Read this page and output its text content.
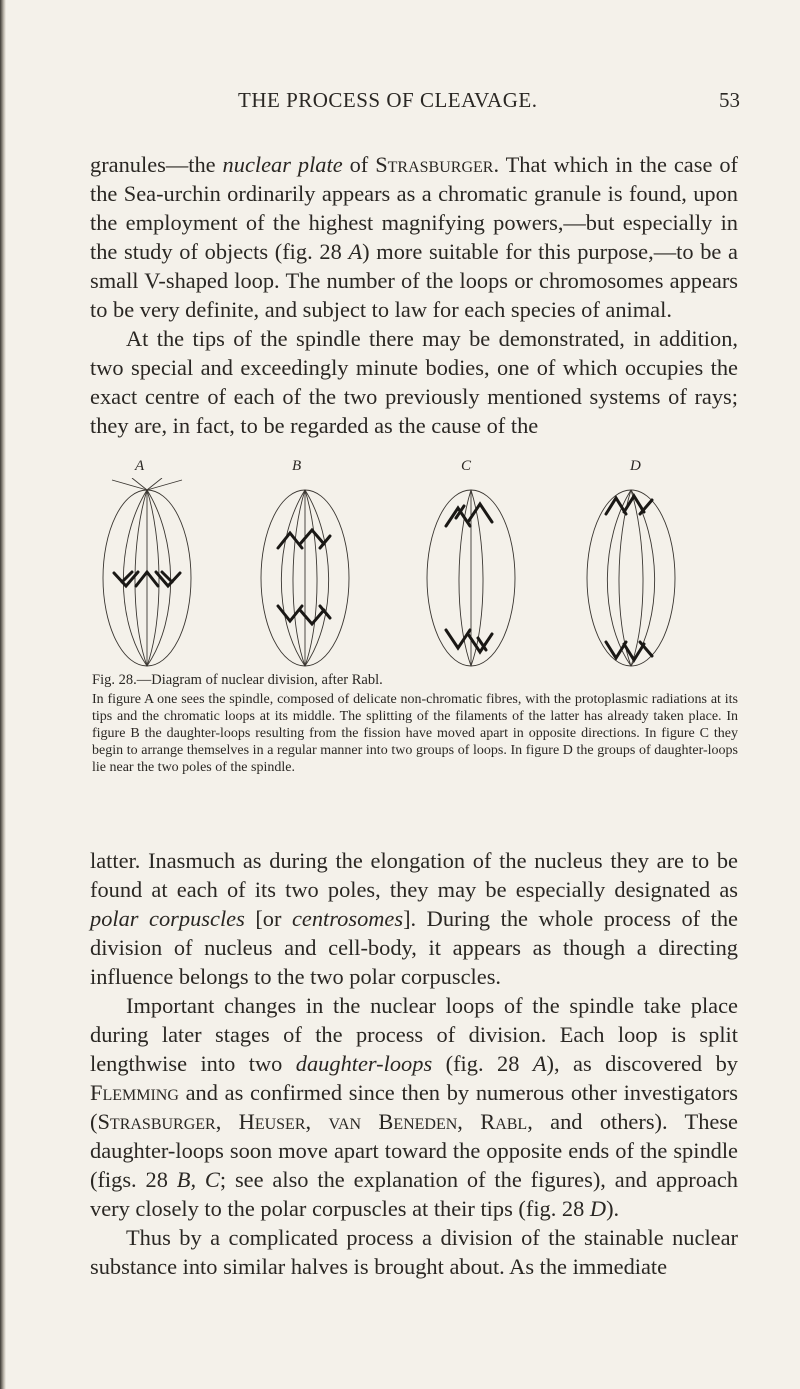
THE PROCESS OF CLEAVAGE.	53

granules—the nuclear plate of Strasburger. That which in the case of the Sea-urchin ordinarily appears as a chromatic granule is found, upon the employment of the highest magnifying powers,—but especially in the study of objects (fig. 28 A) more suitable for this purpose,—to be a small V-shaped loop. The number of the loops or chromosomes appears to be very definite, and subject to law for each species of animal.

At the tips of the spindle there may be demonstrated, in addition, two special and exceedingly minute bodies, one of which occupies the exact centre of each of the two previously mentioned systems of rays; they are, in fact, to be regarded as the cause of the

A	B	C	D

Fig. 28.—Diagram of nuclear division, after Rabl.

In figure A one sees the spindle, composed of delicate non-chromatic fibres, with the protoplasmic radiations at its tips and the chromatic loops at its middle. The splitting of the filaments of the latter has already taken place. In figure B the daughter-loops resulting from the fission have moved apart in opposite directions. In figure C they begin to arrange themselves in a regular manner into two groups of loops. In figure D the groups of daughter-loops lie near the two poles of the spindle.

latter. Inasmuch as during the elongation of the nucleus they are to be found at each of its two poles, they may be especially designated as polar corpuscles [or centrosomes]. During the whole process of the division of nucleus and cell-body, it appears as though a directing influence belongs to the two polar corpuscles.

Important changes in the nuclear loops of the spindle take place during later stages of the process of division. Each loop is split lengthwise into two daughter-loops (fig. 28 A), as discovered by Flemming and as confirmed since then by numerous other investigators (Strasburger, Heuser, van Beneden, Rabl, and others). These daughter-loops soon move apart toward the opposite ends of the spindle (figs. 28 B, C; see also the explanation of the figures), and approach very closely to the polar corpuscles at their tips (fig. 28 D).

Thus by a complicated process a division of the stainable nuclear substance into similar halves is brought about. As the immediate
